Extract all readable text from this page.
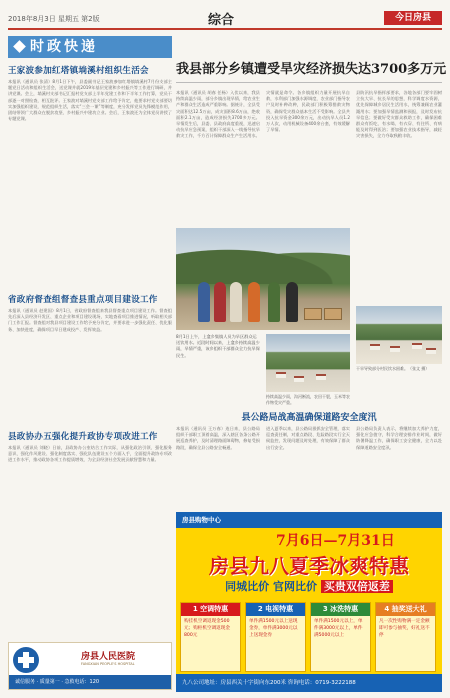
2018年8月3日 星期五 第2版	综合	今日房县
时政快递
王家波参加红塔镇埫溪村组织生活会
本报讯（通讯员 张清）8月1日下午，县委副书记王家波参加红塔镇埫溪村7月份支部主题党日活动和组织生活会，送党课并就2019年基层党建和乡村振兴等工作进行调研，并讲党课。会上，埫溪村支部书记汇报村党支部上半年党建工作和下半年工作打算，党员干部逐一对照检查，相互批评。王家波对埫溪村党支部工作给予肯定，他要求村党支部要切实加强组织建设，规范组织生活，落实“三会一课”等制度，充分发挥党员先锋模范作用，团结带领广大群众在脱贫攻坚、乡村振兴中建功立业。会后，王家波还为全体党员讲授了专题党课。
省政府督查组督查县重点项目建设工作
本报讯（通讯员 赵建国）8月1日，省政府督查组来我县督查重点项目建设工作。督查组先后深入县经济开发区、重点企业和项目建设现场，实地查看项目推进情况，听取相关部门工作汇报。督查组对我县项目建设工作给予充分肯定，并要求进一步强化责任、优化服务、加快进度，确保项目早日建成投产、发挥效益。
县政协办五强化提升政协专项改进工作
本报讯（通讯员 刘晓）日前，县政协办公室结合工作实际，从强化政治引领、强化服务意识、强化作风建设、强化制度落实、强化队伍建设五个方面入手，全面提升政协专项改进工作水平，推动政协各项工作提质增效，为全县经济社会发展贡献智慧和力量。
房县人民医院
FANGXIAN PEOPLE'S HOSPITAL
诚信服务 · 质量第一 · 急救电话：120
我县部分乡镇遭受旱灾经济损失达3700多万元
本报讯（通讯员 胡春 任杨）入伏以来，我县持续高温少雨，部分乡镇出现旱情，给农业生产和群众生活造成严重影响。据统计，全县受灾面积达12.5万亩，成灾面积8.6万亩，绝收面积2.1万亩，造成经济损失3700多万元。旱情发生后，县委、县政府高度重视，迅速启动抗旱应急预案，组织干部深入一线指导抗旱救灾工作，千方百计保障群众生产生活用水。
灾情就是命令。各乡镇组织力量开展抗旱自救，水利部门加强水源调度，农业部门指导农户及时补种改种，民政部门积极筹措救灾物资，确保受灾群众基本生活不受影响。全县共投入抗旱资金300余万元，出动抗旱人员1.2万人次，动用机械设备400余台套，有效缓解了旱情。
县防汛抗旱指挥部要求，各地各部门要牢固树立抗大旱、抗长旱的思想，科学调度水资源，优先保障城乡居民生活用水，统筹兼顾农业灌溉用水；要加强旱情监测和预报，及时发布抗旱信息；要做好受灾群众救助工作，确保困难群众有饭吃、有水喝、有衣穿、有住所、有病能及时得到医治；要加强农业技术指导，减轻灾害损失，全力夺取秋粮丰收。
8月1日上午，上龛乡集镇人员为旱区群众运送饮用水。近段时间以来，上龛乡持续高温少雨，旱情严重，该乡组织干部群众全力抗旱保民生。
持续高温少雨，沟河断流，农田干裂，玉米等农作物受灾严重。
干旱导致部分村民饮水困难。（张文 摄）
县公路局战高温确保道路安全度汛
本报讯（通讯员 王万春）连日来，县公路局组织干部职工顶着高温，深入辖区各条公路开展巡查养护，及时清理路面障碍物，修复受损路段，确保全县公路安全畅通。
进入夏季以来，县公路局狠抓安全管理，落实巡查责任制，对重点路段、危险路段实行全天候监控，发现问题及时处理，有效保障了群众出行安全。
县公路局负责人表示，将继续加大养护力度，强化应急值守，科学合理安排作业时间，做好防暑降温工作，确保职工安全健康，全力以赴保障道路安全度汛。
房县购物中心
7月6日—7月31日
房县九八夏季冰爽特惠
同城比价 官网比价 买贵双倍返差
1 空调特惠
购挂机空调返现金500元；购柜机空调返现金800元
2 电视特惠
单件满1500元以上送现金券，单件满3000元以上送现金券
3 冰洗特惠
单件满1500元以上，单件满3000元以上，单件满5000元以上
4 抽奖送大礼
凡一次性购物满一定金额即可参与抽奖，好礼送不停
九八公司地址：房县西关十字街向东200米 咨询电话：0719-3222188
